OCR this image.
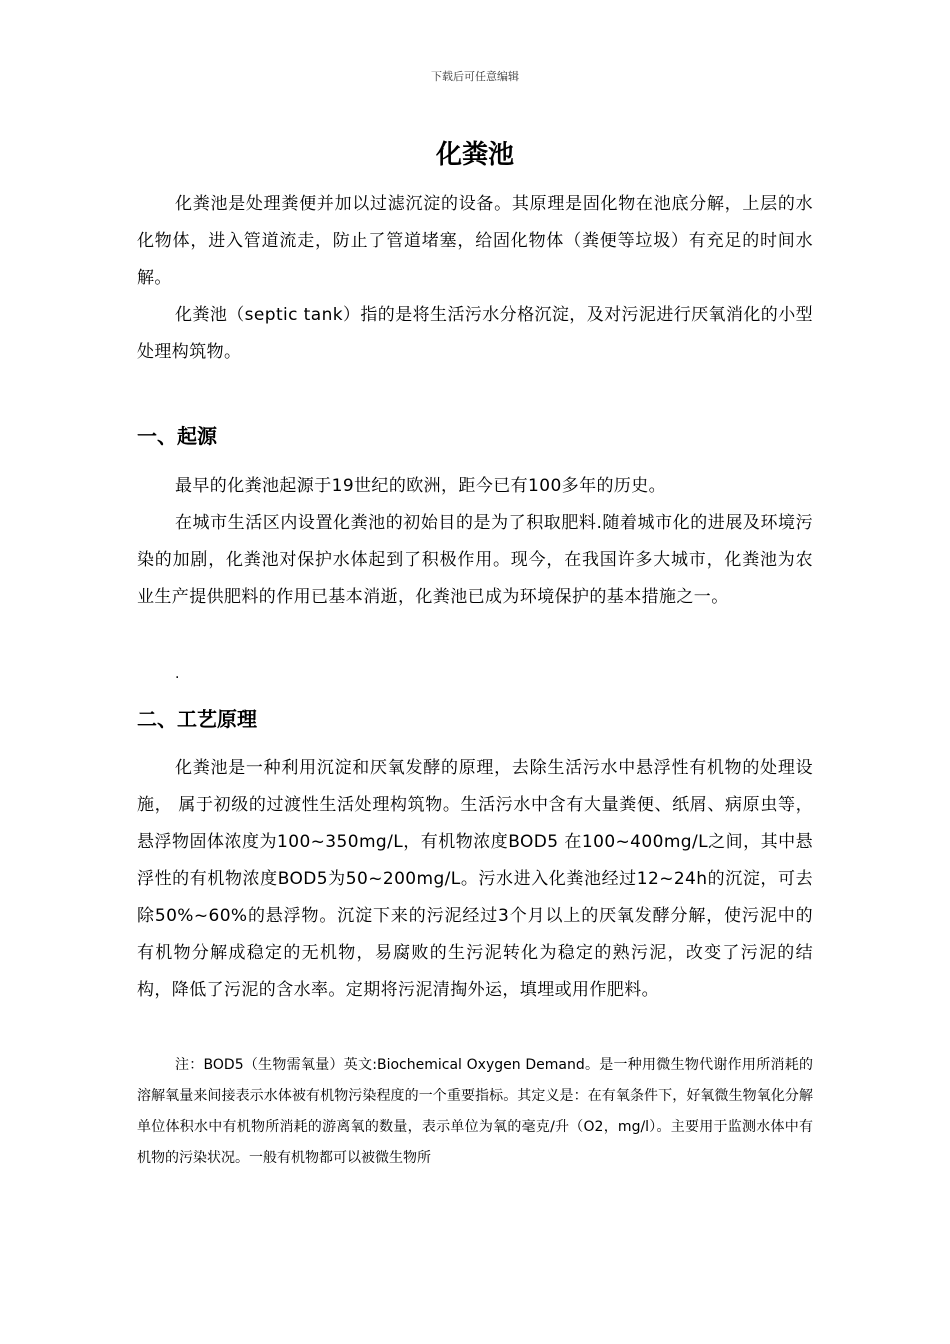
下载后可任意编辑
化粪池

化粪池是处理粪便并加以过滤沉淀的设备。其原理是固化物在池底分解，上层的水化物体，进入管道流走，防止了管道堵塞，给固化物体（粪便等垃圾）有充足的时间水解。

化粪池（septic tank）指的是将生活污水分格沉淀，及对污泥进行厌氧消化的小型处理构筑物。

一、起源

最早的化粪池起源于19世纪的欧洲，距今已有100多年的历史。

在城市生活区内设置化粪池的初始目的是为了积取肥料.随着城市化的进展及环境污染的加剧，化粪池对保护水体起到了积极作用。现今，在我国许多大城市，化粪池为农业生产提供肥料的作用已基本消逝，化粪池已成为环境保护的基本措施之一。

.

二、工艺原理

化粪池是一种利用沉淀和厌氧发酵的原理，去除生活污水中悬浮性有机物的处理设施， 属于初级的过渡性生活处理构筑物。生活污水中含有大量粪便、纸屑、病原虫等，悬浮物固体浓度为100~350mg/L，有机物浓度BOD5 在100~400mg/L之间，其中悬浮性的有机物浓度BOD5为50~200mg/L。污水进入化粪池经过12~24h的沉淀，可去除50%~60%的悬浮物。沉淀下来的污泥经过3个月以上的厌氧发酵分解，使污泥中的有机物分解成稳定的无机物，易腐败的生污泥转化为稳定的熟污泥，改变了污泥的结构，降低了污泥的含水率。定期将污泥清掏外运，填埋或用作肥料。

注：BOD5（生物需氧量）英文:Biochemical Oxygen Demand。是一种用微生物代谢作用所消耗的溶解氧量来间接表示水体被有机物污染程度的一个重要指标。其定义是：在有氧条件下，好氧微生物氧化分解单位体积水中有机物所消耗的游离氧的数量，表示单位为氧的毫克/升（O2，mg/l）。主要用于监测水体中有机物的污染状况。一般有机物都可以被微生物所
